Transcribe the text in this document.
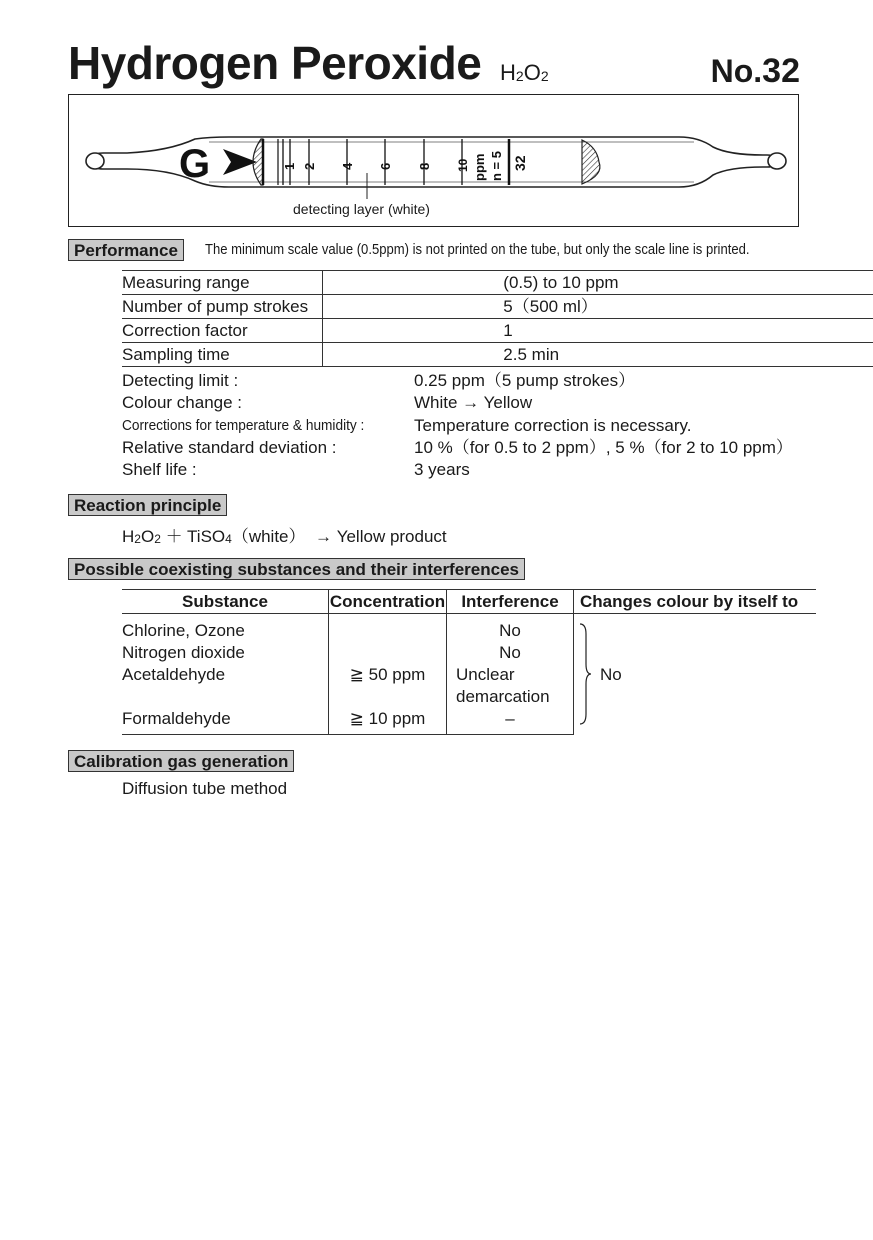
Hydrogen Peroxide $H_2O_2$	No.32
G	1 2 4 6 8 10 ppm n = 5 32
detecting layer (white)
Performance	The minimum scale value (0.5ppm) is not printed on the tube, but only the scale line is printed.
Measuring range	(0.5) to 10 ppm
Number of pump strokes	5（500 ml）
Correction factor	1
Sampling time	2.5 min
Detecting limit :	0.25 ppm（5 pump strokes）
Colour change :	White → Yellow
Corrections for temperature & humidity :	Temperature correction is necessary.
Relative standard deviation :	10 %（for 0.5 to 2 ppm）, 5 %（for 2 to 10 ppm）
Shelf life :	3 years
Reaction principle
$H_2O_2$ ＋ TiSO$_4$（white） → Yellow product
Possible coexisting substances and their interferences
Substance	Concentration	Interference	Changes colour by itself to

Chlorine, Ozone		No	No

Nitrogen dioxide		No	
Acetaldehyde	≧ 50 ppm	Unclear	
		demarcation	
Formaldehyde	≧ 10 ppm	–	
Calibration gas generation
Diffusion tube method
